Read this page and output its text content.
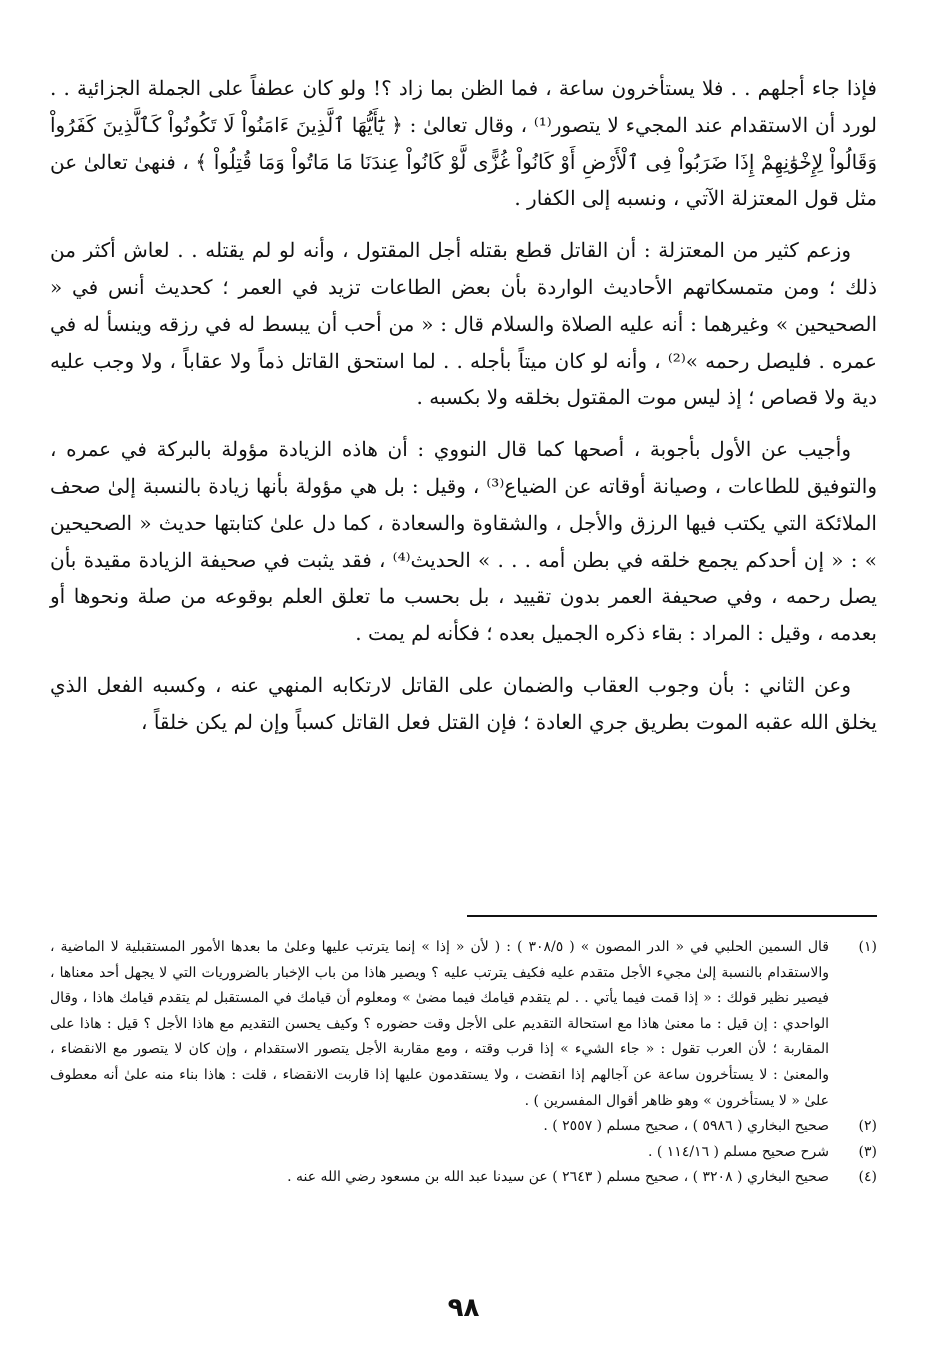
فإذا جاء أجلهم . . فلا يستأخرون ساعة ، فما الظن بما زاد ؟! ولو كان عطفاً على الجملة الجزائية . . لورد أن الاستقدام عند المجيء لا يتصور⁽¹⁾ ، وقال تعالىٰ : ﴿ يَٰٓأَيُّهَا ٱلَّذِينَ ءَامَنُواْ لَا تَكُونُواْ كَٱلَّذِينَ كَفَرُواْ وَقَالُواْ لِإِخْوَٰنِهِمْ إِذَا ضَرَبُواْ فِى ٱلْأَرْضِ أَوْ كَانُواْ غُزًّى لَّوْ كَانُواْ عِندَنَا مَا مَاتُواْ وَمَا قُتِلُواْ ﴾ ، فنهىٰ تعالىٰ عن مثل قول المعتزلة الآتي ، ونسبه إلى الكفار .

وزعم كثير من المعتزلة : أن القاتل قطع بقتله أجل المقتول ، وأنه لو لم يقتله . . لعاش أكثر من ذلك ؛ ومن متمسكاتهم الأحاديث الواردة بأن بعض الطاعات تزيد في العمر ؛ كحديث أنس في « الصحيحين » وغيرهما : أنه عليه الصلاة والسلام قال : « من أحب أن يبسط له في رزقه وينسأ له في عمره . فليصل رحمه »⁽²⁾ ، وأنه لو كان ميتاً بأجله . . لما استحق القاتل ذماً ولا عقاباً ، ولا وجب عليه دية ولا قصاص ؛ إذ ليس موت المقتول بخلقه ولا بكسبه .

وأجيب عن الأول بأجوبة ، أصحها كما قال النووي : أن هاذه الزيادة مؤولة بالبركة في عمره ، والتوفيق للطاعات ، وصيانة أوقاته عن الضياع⁽³⁾ ، وقيل : بل هي مؤولة بأنها زيادة بالنسبة إلىٰ صحف الملائكة التي يكتب فيها الرزق والأجل ، والشقاوة والسعادة ، كما دل علىٰ كتابتها حديث « الصحيحين » : « إن أحدكم يجمع خلقه في بطن أمه . . . » الحديث⁽⁴⁾ ، فقد يثبت في صحيفة الزيادة مقيدة بأن يصل رحمه ، وفي صحيفة العمر بدون تقييد ، بل بحسب ما تعلق العلم بوقوعه من صلة ونحوها أو بعدمه ، وقيل : المراد : بقاء ذكره الجميل بعده ؛ فكأنه لم يمت .

وعن الثاني : بأن وجوب العقاب والضمان على القاتل لارتكابه المنهي عنه ، وكسبه الفعل الذي يخلق الله عقبه الموت بطريق جري العادة ؛ فإن القتل فعل القاتل كسباً وإن لم يكن خلقاً ،

(١)
قال السمين الحلبي في « الدر المصون » ( ٣٠٨/٥ ) : ( لأن « إذا » إنما يترتب عليها وعلىٰ ما بعدها الأمور المستقبلية لا الماضية ، والاستقدام بالنسبة إلىٰ مجيء الأجل متقدم عليه فكيف يترتب عليه ؟ ويصير هاذا من باب الإخبار بالضروريات التي لا يجهل أحد معناها ، فيصير نظير قولك : « إذا قمت فيما يأتي . . لم يتقدم قيامك فيما مضىٰ » ومعلوم أن قيامك في المستقبل لم يتقدم قيامك هاذا ، وقال الواحدي : إن قيل : ما معنىٰ هاذا مع استحالة التقديم على الأجل وقت حضوره ؟ وكيف يحسن التقديم مع هاذا الأجل ؟ قيل : هاذا على المقاربة ؛ لأن العرب تقول : « جاء الشيء » إذا قرب وقته ، ومع مقاربة الأجل يتصور الاستقدام ، وإن كان لا يتصور مع الانقضاء ، والمعنىٰ : لا يستأخرون ساعة عن آجالهم إذا انقضت ، ولا يستقدمون عليها إذا قاربت الانقضاء ، قلت : هاذا بناء منه علىٰ أنه معطوف علىٰ « لا يستأخرون » وهو ظاهر أقوال المفسرين ) .
(٢)
صحيح البخاري ( ٥٩٨٦ ) ، صحيح مسلم ( ٢٥٥٧ ) .
(٣)
شرح صحيح مسلم ( ١١٤/١٦ ) .
(٤)
صحيح البخاري ( ٣٢٠٨ ) ، صحيح مسلم ( ٢٦٤٣ ) عن سيدنا عبد الله بن مسعود رضي الله عنه .
٩٨
